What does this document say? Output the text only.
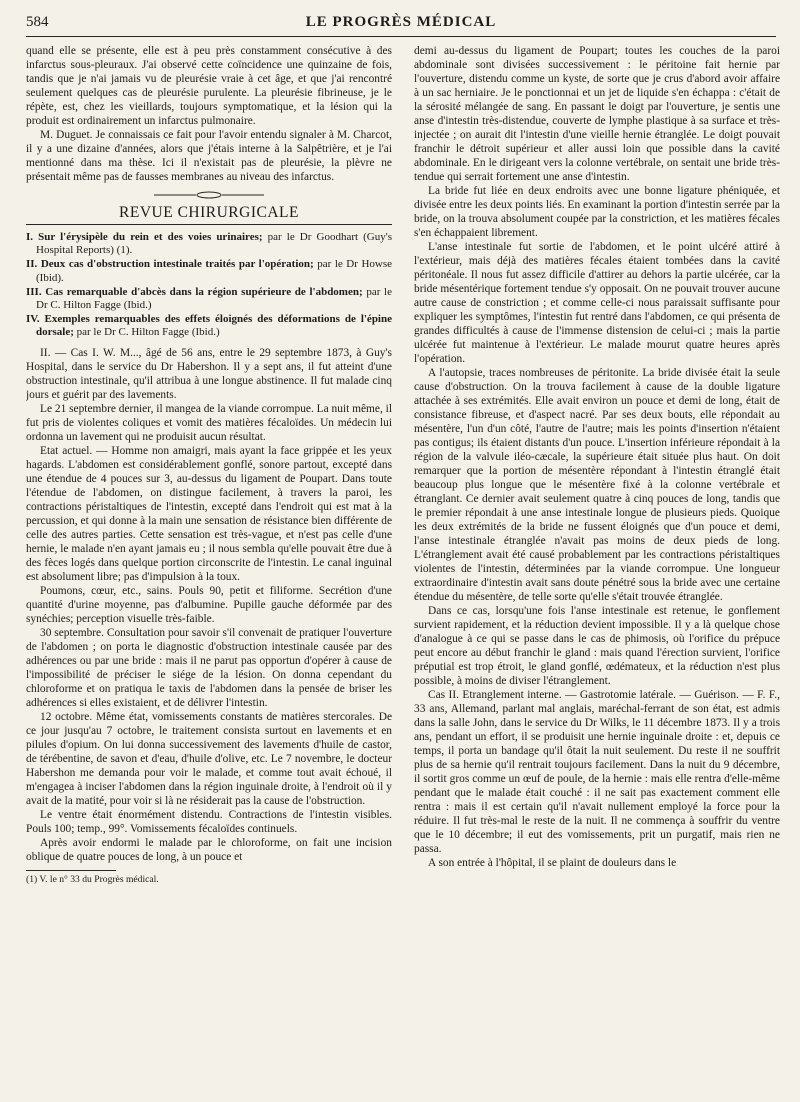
584	LE PROGRÈS MÉDICAL

quand elle se présente, elle est à peu près constamment consécutive à des infarctus sous-pleuraux. J'ai observé cette coïncidence une quinzaine de fois, tandis que je n'ai jamais vu de pleurésie vraie à cet âge, et que j'ai rencontré seulement quelques cas de pleurésie purulente. La pleurésie fibrineuse, je le répète, est, chez les vieillards, toujours symptomatique, et la lésion qui la produit est ordinairement un infarctus pulmonaire.

M. Duguet. Je connaissais ce fait pour l'avoir entendu signaler à M. Charcot, il y a une dizaine d'années, alors que j'étais interne à la Salpêtrière, et je l'ai mentionné dans ma thèse. Ici il n'existait pas de pleurésie, la plèvre ne présentait même pas de fausses membranes au niveau des infarctus.

REVUE CHIRURGICALE
I. Sur l'érysipèle du rein et des voies urinaires; par le Dr Goodhart (Guy's Hospital Reports) (1).
II. Deux cas d'obstruction intestinale traités par l'opération; par le Dr Howse (Ibid).
III. Cas remarquable d'abcès dans la région supérieure de l'abdomen; par le Dr C. Hilton Fagge (Ibid.)
IV. Exemples remarquables des effets éloignés des déformations de l'épine dorsale; par le Dr C. Hilton Fagge (Ibid.)

II. — Cas I. W. M..., âgé de 56 ans, entre le 29 septembre 1873, à Guy's Hospital, dans le service du Dr Habershon. Il y a sept ans, il fut atteint d'une obstruction intestinale, qu'il attribua à une longue abstinence. Il fut malade cinq jours et guérit par des lavements.

Le 21 septembre dernier, il mangea de la viande corrompue. La nuit même, il fut pris de violentes coliques et vomit des matières fécaloïdes. Un médecin lui ordonna un lavement qui ne produisit aucun résultat.

Etat actuel. — Homme non amaigri, mais ayant la face grippée et les yeux hagards. L'abdomen est considérablement gonflé, sonore partout, excepté dans une étendue de 4 pouces sur 3, au-dessus du ligament de Poupart. Dans toute l'étendue de l'abdomen, on distingue facilement, à travers la paroi, les contractions péristaltiques de l'intestin, excepté dans l'endroit qui est mat à la percussion, et qui donne à la main une sensation de résistance bien différente de celle des autres parties. Cette sensation est très-vague, et n'est pas celle d'une hernie, le malade n'en ayant jamais eu ; il nous sembla qu'elle pouvait être due à des fèces logés dans quelque portion circonscrite de l'intestin. Le canal inguinal est absolument libre; pas d'impulsion à la toux.

Poumons, cœur, etc., sains. Pouls 90, petit et filiforme. Secrétion d'une quantité d'urine moyenne, pas d'albumine. Pupille gauche déformée par des synéchies; perception visuelle très-faible.

30 septembre. Consultation pour savoir s'il convenait de pratiquer l'ouverture de l'abdomen ; on porta le diagnostic d'obstruction intestinale causée par des adhérences ou par une bride : mais il ne parut pas opportun d'opérer à cause de l'impossibilité de préciser le siége de la lésion. On donna cependant du chloroforme et on pratiqua le taxis de l'abdomen dans la pensée de briser les adhérences si elles existaient, et de délivrer l'intestin.

12 octobre. Même état, vomissements constants de matières stercorales. De ce jour jusqu'au 7 octobre, le traitement consista surtout en lavements et en pilules d'opium. On lui donna successivement des lavements d'huile de castor, de térébentine, de savon et d'eau, d'huile d'olive, etc. Le 7 novembre, le docteur Habershon me demanda pour voir le malade, et comme tout avait échoué, il m'engagea à inciser l'abdomen dans la région inguinale droite, à l'endroit où il y avait de la matité, pour voir si là ne résiderait pas la cause de l'obstruction.

Le ventre était énormément distendu. Contractions de l'intestin visibles. Pouls 100; temp., 99°. Vomissements fécaloïdes continuels.

Après avoir endormi le malade par le chloroforme, on fait une incision oblique de quatre pouces de long, à un pouce et

(1) V. le n° 33 du Progrès médical.

demi au-dessus du ligament de Poupart; toutes les couches de la paroi abdominale sont divisées successivement : le péritoine fait hernie par l'ouverture, distendu comme un kyste, de sorte que je crus d'abord avoir affaire à un sac herniaire. Je le ponctionnai et un jet de liquide s'en échappa : c'était de la sérosité mélangée de sang. En passant le doigt par l'ouverture, je sentis une anse d'intestin très-distendue, couverte de lymphe plastique à sa surface et très-injectée ; on aurait dit l'intestin d'une vieille hernie étranglée. Le doigt pouvait franchir le détroit supérieur et aller aussi loin que possible dans la cavité abdominale. En le dirigeant vers la colonne vertébrale, on sentait une bride très-tendue qui serrait fortement une anse d'intestin.

La bride fut liée en deux endroits avec une bonne ligature phéniquée, et divisée entre les deux points liés. En examinant la portion d'intestin serrée par la bride, on la trouva absolument coupée par la constriction, et les matières fécales s'en échappaient librement.

L'anse intestinale fut sortie de l'abdomen, et le point ulcéré attiré à l'extérieur, mais déjà des matières fécales étaient tombées dans la cavité péritonéale. Il nous fut assez difficile d'attirer au dehors la partie ulcérée, car la bride mésentérique fortement tendue s'y opposait. On ne pouvait trouver aucune autre cause de constriction ; et comme celle-ci nous paraissait suffisante pour expliquer les symptômes, l'intestin fut rentré dans l'abdomen, ce qui présenta de grandes difficultés à cause de l'immense distension de celui-ci ; mais la partie ulcérée fut maintenue à l'extérieur. Le malade mourut quatre heures après l'opération.

A l'autopsie, traces nombreuses de péritonite. La bride divisée était la seule cause d'obstruction. On la trouva facilement à cause de la double ligature attachée à ses extrémités. Elle avait environ un pouce et demi de long, était de consistance fibreuse, et d'aspect nacré. Par ses deux bouts, elle répondait au mésentère, l'un d'un côté, l'autre de l'autre; mais les points d'insertion n'étaient pas contigus; ils étaient distants d'un pouce. L'insertion inférieure répondait à la région de la valvule iléo-cæcale, la supérieure était située plus haut. On doit remarquer que la portion de mésentère répondant à l'intestin étranglé était beaucoup plus longue que le mésentère fixé à la colonne vertébrale et étranglant. Ce dernier avait seulement quatre à cinq pouces de long, tandis que le premier répondait à une anse intestinale longue de plusieurs pieds. Quoique les deux extrémités de la bride ne fussent éloignés que d'un pouce et demi, l'anse intestinale étranglée n'avait pas moins de deux pieds de long. L'étranglement avait été causé probablement par les contractions péristaltiques violentes de l'intestin, déterminées par la viande corrompue. Une longueur extraordinaire d'intestin avait sans doute pénétré sous la bride avec une certaine étendue du mésentère, de telle sorte qu'elle s'était trouvée étranglée.

Dans ce cas, lorsqu'une fois l'anse intestinale est retenue, le gonflement survient rapidement, et la réduction devient impossible. Il y a là quelque chose d'analogue à ce qui se passe dans le cas de phimosis, où l'orifice du prépuce peut encore au début franchir le gland : mais quand l'érection survient, l'orifice préputial est trop étroit, le gland gonflé, œdémateux, et la réduction n'est plus possible, à moins de diviser l'étranglement.

Cas II. Etranglement interne. — Gastrotomie latérale. — Guérison. — F. F., 33 ans, Allemand, parlant mal anglais, maréchal-ferrant de son état, est admis dans la salle John, dans le service du Dr Wilks, le 11 décembre 1873. Il y a trois ans, pendant un effort, il se produisit une hernie inguinale droite : et, depuis ce temps, il porta un bandage qu'il ôtait la nuit seulement. Du reste il ne souffrit plus de sa hernie qu'il rentrait toujours facilement. Dans la nuit du 9 décembre, il sortit gros comme un œuf de poule, de la hernie : mais elle rentra d'elle-même pendant que le malade était couché : il ne sait pas exactement comment elle rentra : mais il est certain qu'il n'avait nullement employé la force pour la réduire. Il fut très-mal le reste de la nuit. Il ne commença à souffrir du ventre que le 10 décembre; il eut des vomissements, prit un purgatif, mais rien ne passa.

A son entrée à l'hôpital, il se plaint de douleurs dans le
